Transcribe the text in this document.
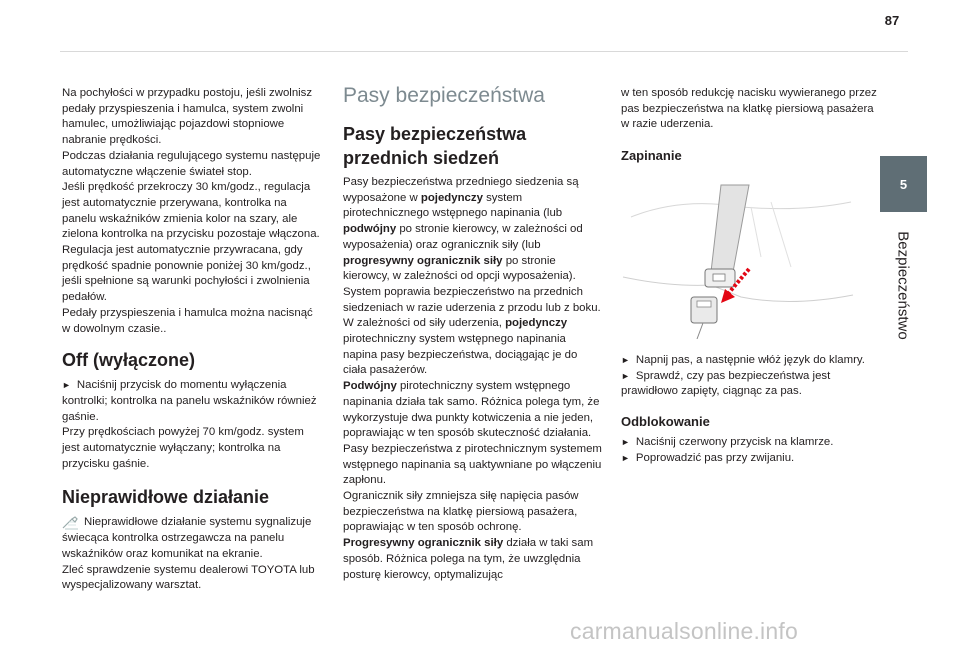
87
5
Bezpieczeństwo

Na pochyłości w przypadku postoju, jeśli zwolnisz pedały przyspieszenia i hamulca, system zwolni hamulec, umożliwiając pojazdowi stopniowe nabranie prędkości.

Podczas działania regulującego systemu następuje automatyczne włączenie świateł stop.

Jeśli prędkość przekroczy 30 km/godz., regulacja jest automatycznie przerywana, kontrolka na panelu wskaźników zmienia kolor na szary, ale zielona kontrolka na przycisku pozostaje włączona.

Regulacja jest automatycznie przywracana, gdy prędkość spadnie ponownie poniżej 30 km/godz., jeśli spełnione są warunki pochyłości i zwolnienia pedałów.

Pedały przyspieszenia i hamulca można nacisnąć w dowolnym czasie..

Off (wyłączone)

► Naciśnij przycisk do momentu wyłączenia kontrolki; kontrolka na panelu wskaźników również gaśnie.

Przy prędkościach powyżej 70 km/godz. system jest automatycznie wyłączany; kontrolka na przycisku gaśnie.

Nieprawidłowe działanie

Nieprawidłowe działanie systemu sygnalizuje świecąca kontrolka ostrzegawcza na panelu wskaźników oraz komunikat na ekranie.

Zleć sprawdzenie systemu dealerowi TOYOTA lub wyspecjalizowany warsztat.

Pasy bezpieczeństwa
Pasy bezpieczeństwa przednich siedzeń

Pasy bezpieczeństwa przedniego siedzenia są wyposażone w pojedynczy system pirotechnicznego wstępnego napinania (lub podwójny po stronie kierowcy, w zależności od wyposażenia) oraz ogranicznik siły (lub progresywny ogranicznik siły po stronie kierowcy, w zależności od opcji wyposażenia).

System poprawia bezpieczeństwo na przednich siedzeniach w razie uderzenia z przodu lub z boku.

W zależności od siły uderzenia, pojedynczy pirotechniczny system wstępnego napinania napina pasy bezpieczeństwa, dociągając je do ciała pasażerów.

Podwójny pirotechniczny system wstępnego napinania działa tak samo. Różnica polega tym, że wykorzystuje dwa punkty kotwiczenia a nie jeden, poprawiając w ten sposób skuteczność działania.

Pasy bezpieczeństwa z pirotechnicznym systemem wstępnego napinania są uaktywniane po włączeniu zapłonu.

Ogranicznik siły zmniejsza siłę napięcia pasów bezpieczeństwa na klatkę piersiową pasażera, poprawiając w ten sposób ochronę.

Progresywny ogranicznik siły działa w taki sam sposób. Różnica polega na tym, że uwzględnia posturę kierowcy, optymalizując

w ten sposób redukcję nacisku wywieranego przez pas bezpieczeństwa na klatkę piersiową pasażera w razie uderzenia.

Zapinanie

► Napnij pas, a następnie włóż język do klamry.

► Sprawdź, czy pas bezpieczeństwa jest prawidłowo zapięty, ciągnąc za pas.

Odblokowanie

► Naciśnij czerwony przycisk na klamrze.

► Poprowadzić pas przy zwijaniu.

carmanualsonline.info
